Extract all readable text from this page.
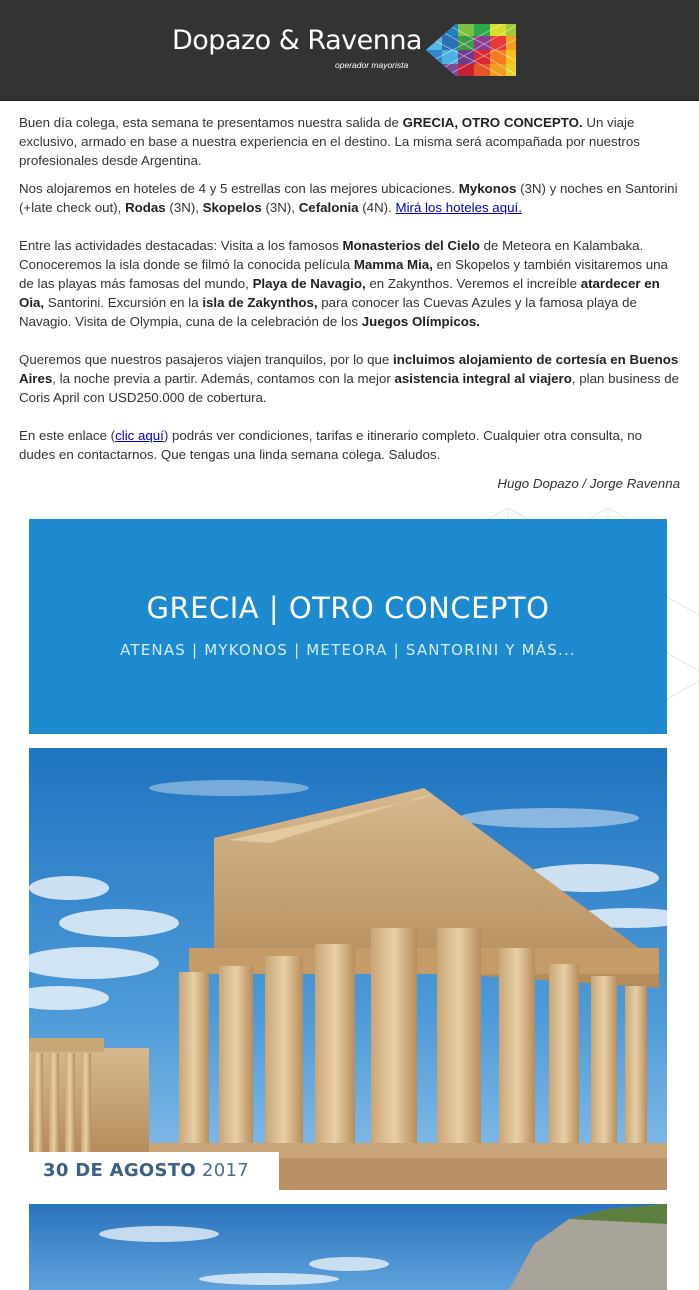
Dopazo & Ravenna
operador mayorista

Buen día colega, esta semana te presentamos nuestra salida de GRECIA, OTRO CONCEPTO. Un viaje exclusivo, armado en base a nuestra experiencia en el destino. La misma será acompañada por nuestros profesionales desde Argentina.

Nos alojaremos en hoteles de 4 y 5 estrellas con las mejores ubicaciones. Mykonos (3N) y noches en Santorini (+late check out), Rodas (3N), Skopelos (3N), Cefalonia (4N). Mirá los hoteles aquí.

Entre las actividades destacadas: Visita a los famosos Monasterios del Cielo de Meteora en Kalambaka. Conoceremos la isla donde se filmó la conocida película Mamma Mia, en Skopelos y también visitaremos una de las playas más famosas del mundo, Playa de Navagio, en Zakynthos. Veremos el increíble atardecer en Oia, Santorini. Excursión en la isla de Zakynthos, para conocer las Cuevas Azules y la famosa playa de Navagio. Visita de Olympia, cuna de la celebración de los Juegos Olímpicos.

Queremos que nuestros pasajeros viajen tranquilos, por lo que incluimos alojamiento de cortesía en Buenos Aires, la noche previa a partir. Además, contamos con la mejor asistencia integral al viajero, plan business de Coris April con USD250.000 de cobertura.

En este enlace (clic aquí) podrás ver condiciones, tarifas e itinerario completo. Cualquier otra consulta, no dudes en contactarnos. Que tengas una linda semana colega. Saludos.

Hugo Dopazo / Jorge Ravenna

GRECIA | OTRO CONCEPTO
ATENAS | MYKONOS | METEORA | SANTORINI Y MÁS...
30 DE AGOSTO 2017
